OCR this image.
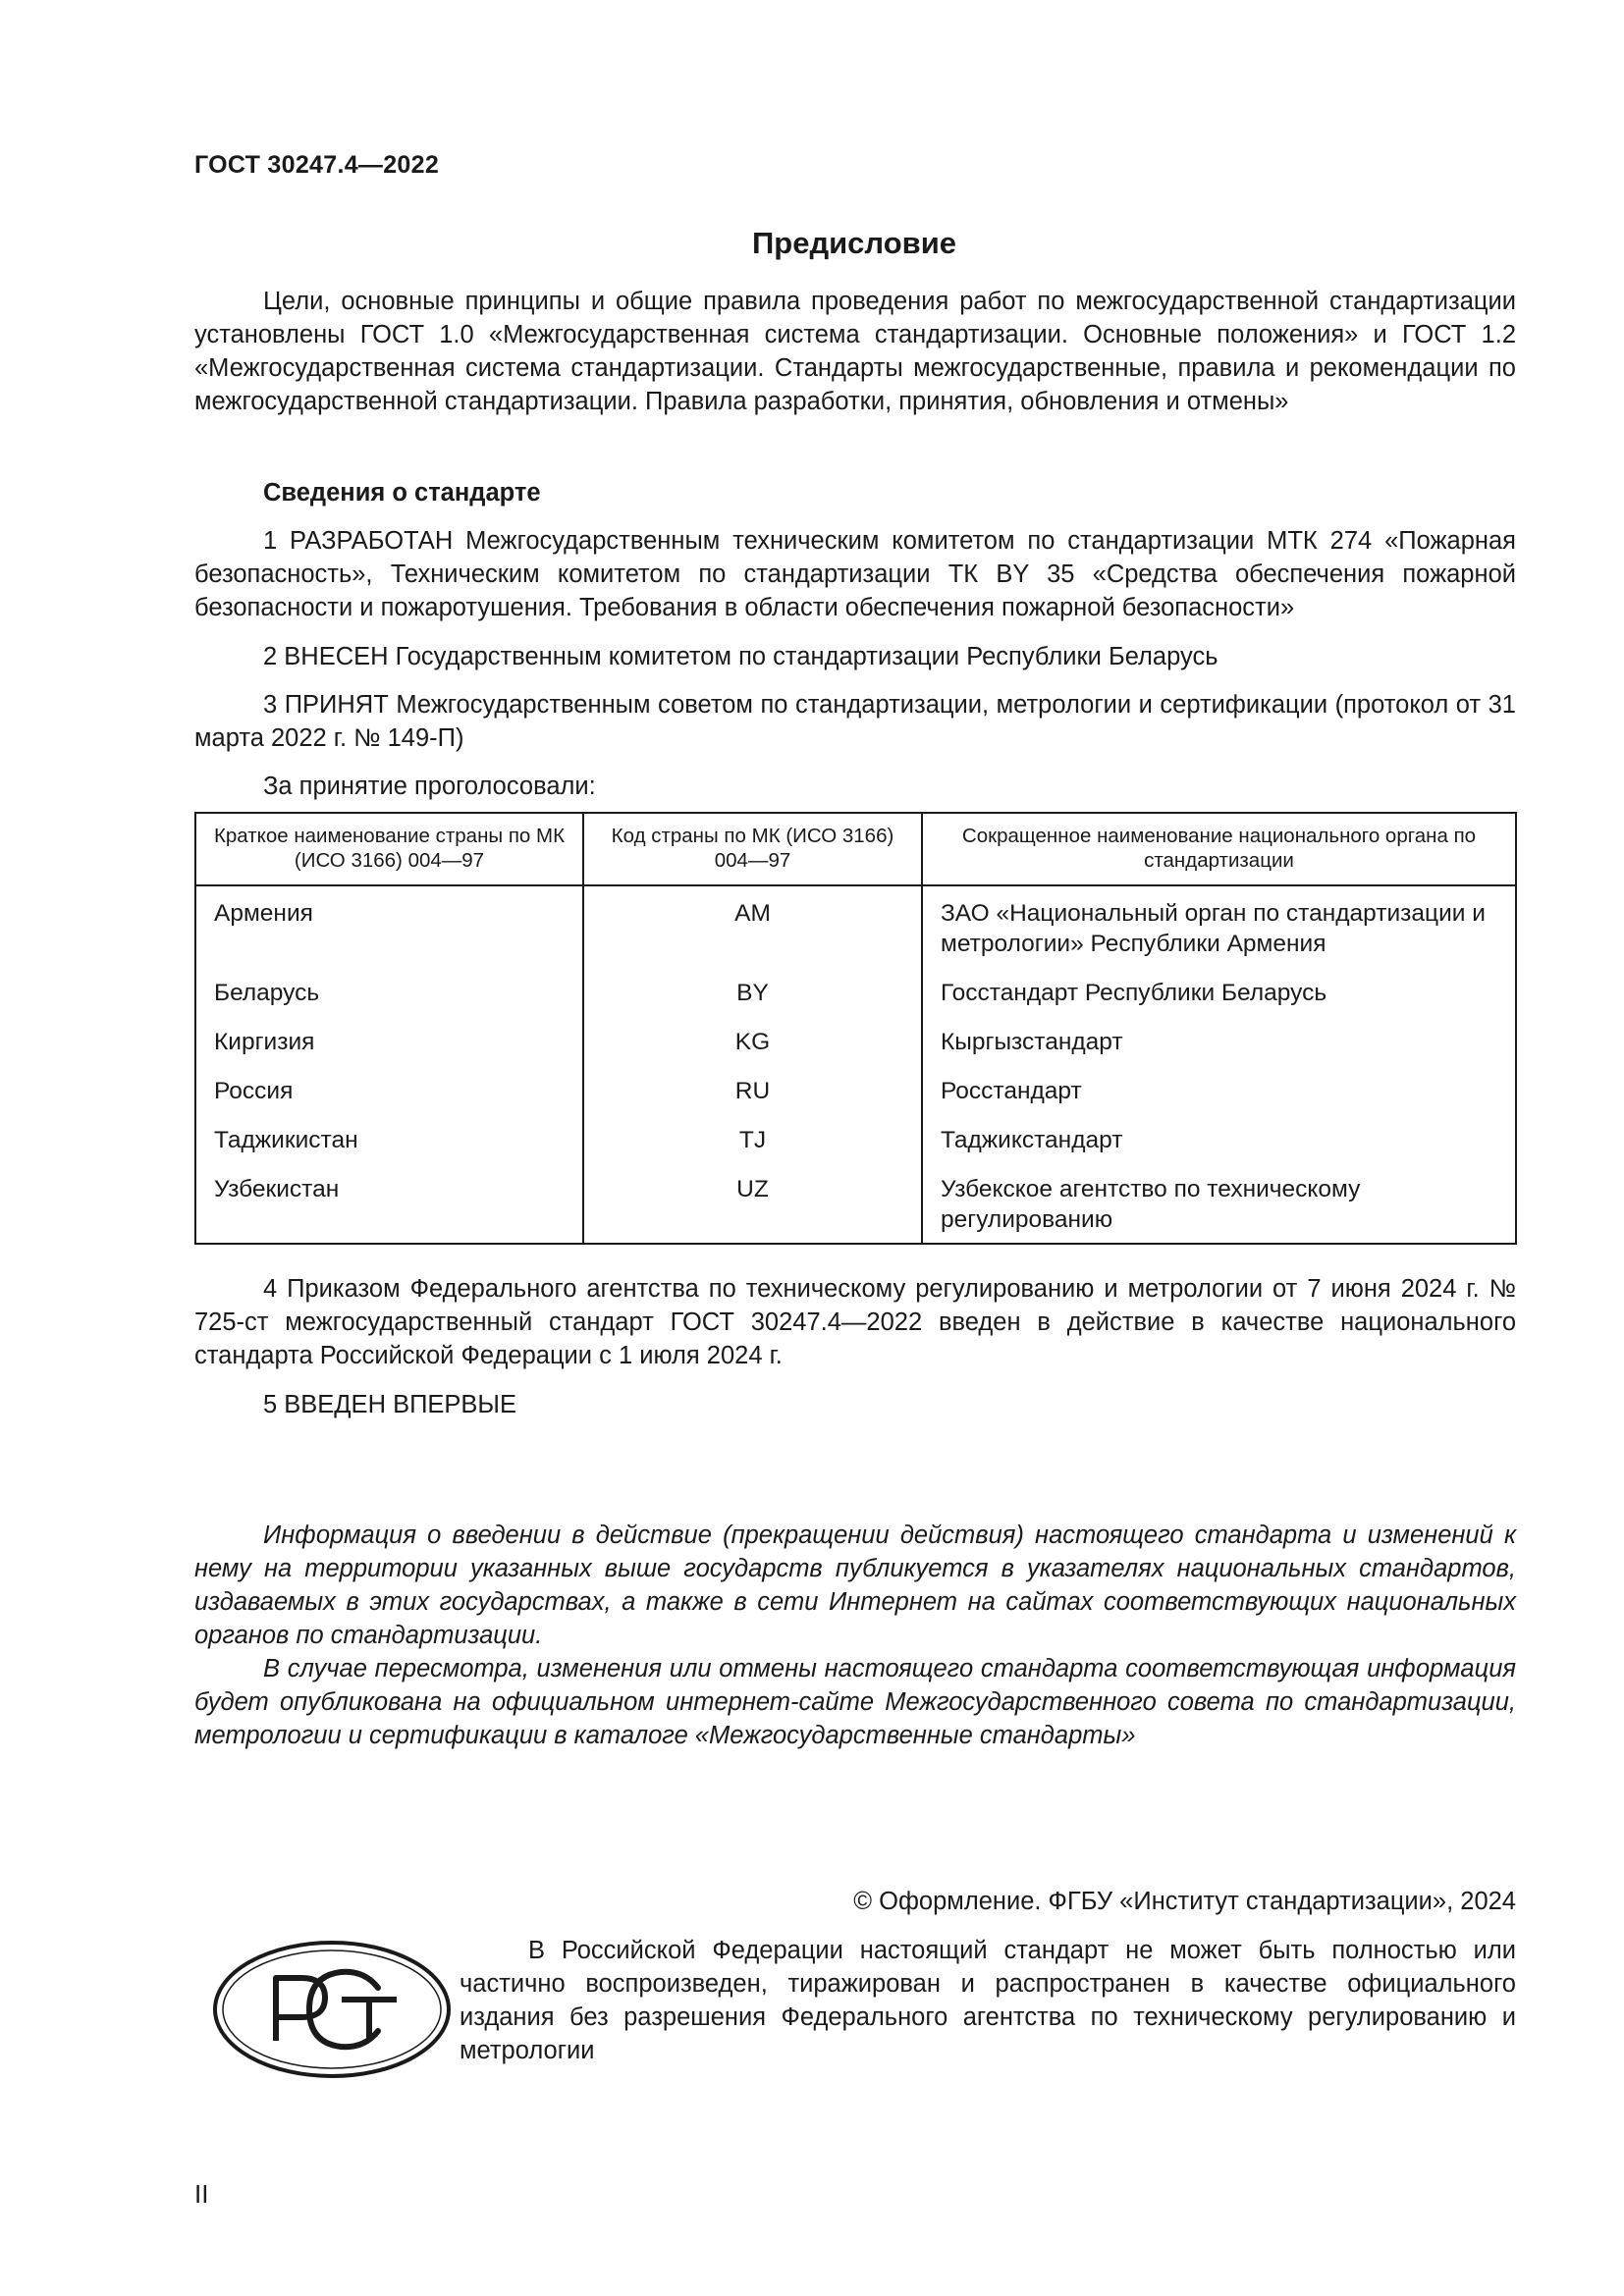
ГОСТ 30247.4—2022
Предисловие
Цели, основные принципы и общие правила проведения работ по межгосударственной стандартизации установлены ГОСТ 1.0 «Межгосударственная система стандартизации. Основные положения» и ГОСТ 1.2 «Межгосударственная система стандартизации. Стандарты межгосударственные, правила и рекомендации по межгосударственной стандартизации. Правила разработки, принятия, обновления и отмены»
Сведения о стандарте
1 РАЗРАБОТАН Межгосударственным техническим комитетом по стандартизации МТК 274 «Пожарная безопасность», Техническим комитетом по стандартизации ТК BY 35 «Средства обеспечения пожарной безопасности и пожаротушения. Требования в области обеспечения пожарной безопасности»
2 ВНЕСЕН Государственным комитетом по стандартизации Республики Беларусь
3 ПРИНЯТ Межгосударственным советом по стандартизации, метрологии и сертификации (протокол от 31 марта 2022 г. № 149-П)
За принятие проголосовали:
Краткое наименование страны по МК (ИСО 3166) 004—97	Код страны по МК (ИСО 3166) 004—97	Сокращенное наименование национального органа по стандартизации
Армения	AM	ЗАО «Национальный орган по стандартизации и метрологии» Республики Армения
Беларусь	BY	Госстандарт Республики Беларусь
Киргизия	KG	Кыргызстандарт
Россия	RU	Росстандарт
Таджикистан	TJ	Таджикстандарт
Узбекистан	UZ	Узбекское агентство по техническому регулированию
4 Приказом Федерального агентства по техническому регулированию и метрологии от 7 июня 2024 г. № 725-ст межгосударственный стандарт ГОСТ 30247.4—2022 введен в действие в качестве национального стандарта Российской Федерации с 1 июля 2024 г.
5 ВВЕДЕН ВПЕРВЫЕ
Информация о введении в действие (прекращении действия) настоящего стандарта и изменений к нему на территории указанных выше государств публикуется в указателях национальных стандартов, издаваемых в этих государствах, а также в сети Интернет на сайтах соответствующих национальных органов по стандартизации.
В случае пересмотра, изменения или отмены настоящего стандарта соответствующая информация будет опубликована на официальном интернет-сайте Межгосударственного совета по стандартизации, метрологии и сертификации в каталоге «Межгосударственные стандарты»
© Оформление. ФГБУ «Институт стандартизации», 2024
В Российской Федерации настоящий стандарт не может быть полностью или частично воспроизведен, тиражирован и распространен в качестве официального издания без разрешения Федерального агентства по техническому регулированию и метрологии
II
